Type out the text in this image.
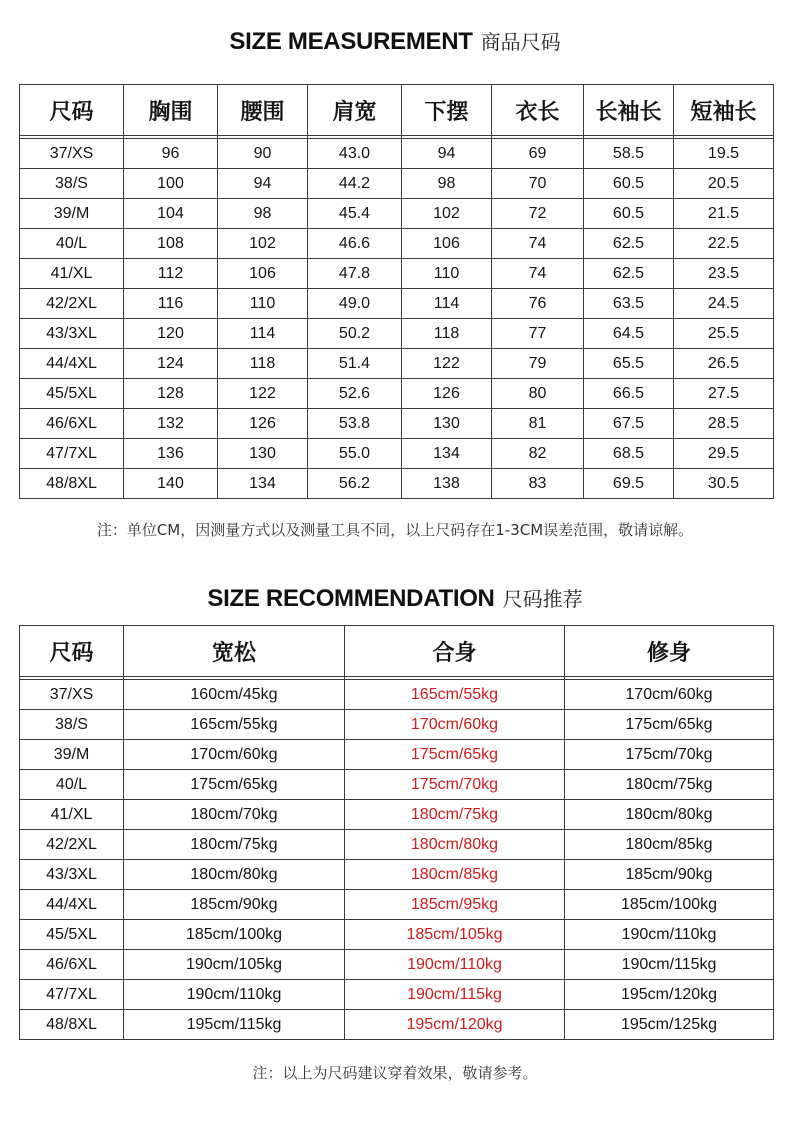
SIZE MEASUREMENT 商品尺码
尺码	胸围	腰围	肩宽	下摆	衣长	长袖长	短袖长

37/XS	96	90	43.0	94	69	58.5	19.5
38/S	100	94	44.2	98	70	60.5	20.5
39/M	104	98	45.4	102	72	60.5	21.5
40/L	108	102	46.6	106	74	62.5	22.5
41/XL	112	106	47.8	110	74	62.5	23.5
42/2XL	116	110	49.0	114	76	63.5	24.5
43/3XL	120	114	50.2	118	77	64.5	25.5
44/4XL	124	118	51.4	122	79	65.5	26.5
45/5XL	128	122	52.6	126	80	66.5	27.5
46/6XL	132	126	53.8	130	81	67.5	28.5
47/7XL	136	130	55.0	134	82	68.5	29.5
48/8XL	140	134	56.2	138	83	69.5	30.5
注：单位CM，因测量方式以及测量工具不同，以上尺码存在1-3CM误差范围，敬请谅解。
SIZE RECOMMENDATION 尺码推荐
尺码	宽松	合身	修身

37/XS	160cm/45kg	165cm/55kg	170cm/60kg
38/S	165cm/55kg	170cm/60kg	175cm/65kg
39/M	170cm/60kg	175cm/65kg	175cm/70kg
40/L	175cm/65kg	175cm/70kg	180cm/75kg
41/XL	180cm/70kg	180cm/75kg	180cm/80kg
42/2XL	180cm/75kg	180cm/80kg	180cm/85kg
43/3XL	180cm/80kg	180cm/85kg	185cm/90kg
44/4XL	185cm/90kg	185cm/95kg	185cm/100kg
45/5XL	185cm/100kg	185cm/105kg	190cm/110kg
46/6XL	190cm/105kg	190cm/110kg	190cm/115kg
47/7XL	190cm/110kg	190cm/115kg	195cm/120kg
48/8XL	195cm/115kg	195cm/120kg	195cm/125kg
注：以上为尺码建议穿着效果，敬请参考。
